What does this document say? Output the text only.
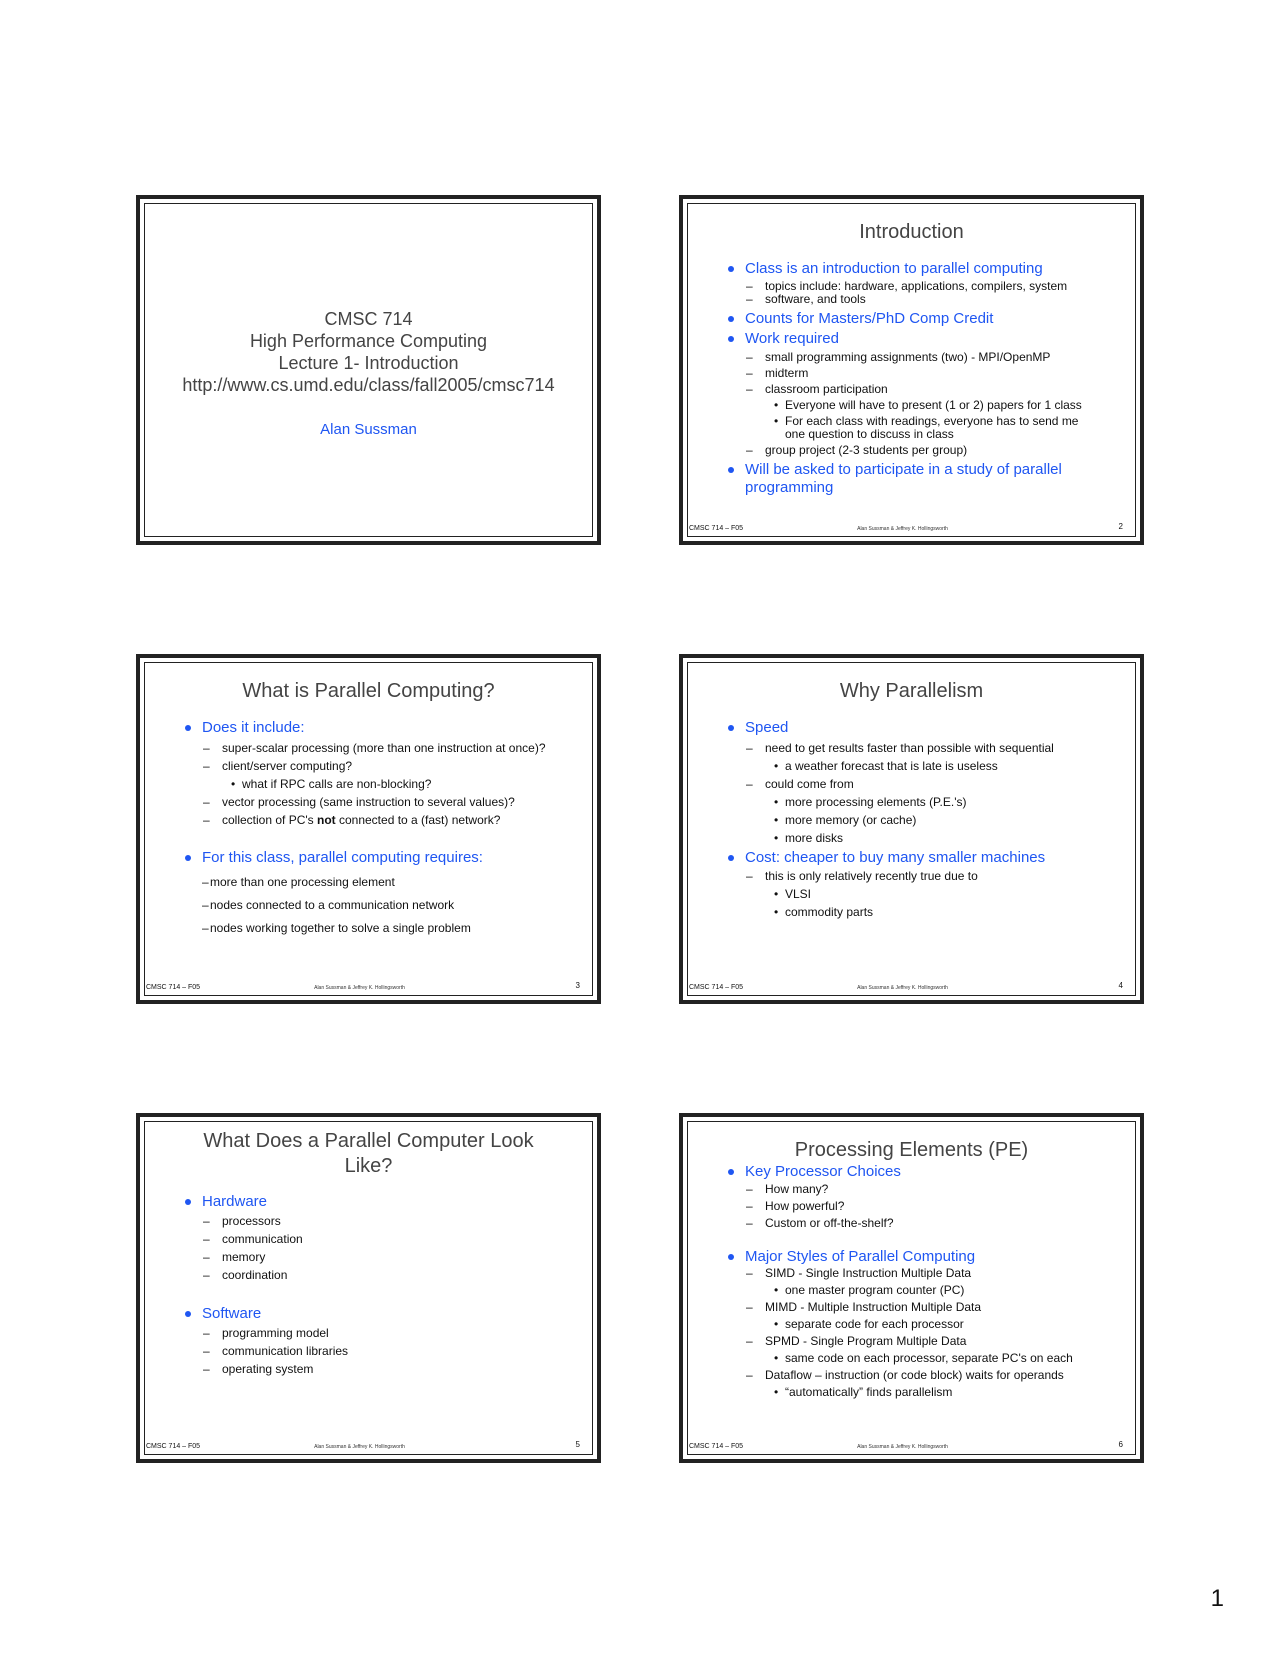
CMSC 714
High Performance Computing
Lecture 1- Introduction
http://www.cs.umd.edu/class/fall2005/cmsc714
Alan Sussman
Introduction
Class is an introduction to parallel computing
– topics include: hardware, applications, compilers, system
– software, and tools
Counts for Masters/PhD Comp Credit
Work required
– small programming assignments (two) - MPI/OpenMP
– midterm
– classroom participation
• Everyone will have to present (1 or 2) papers for 1 class
• For each class with readings, everyone has to send me
one question to discuss in class
– group project (2-3 students per group)
Will be asked to participate in a study of parallel
programming
CMSC 714 – F05	Alan Sussman & Jeffrey K. Hollingsworth	2
What is Parallel Computing?
Does it include:
– super-scalar processing (more than one instruction at once)?
– client/server computing?
• what if RPC calls are non-blocking?
– vector processing (same instruction to several values)?
– collection of PC's not connected to a (fast) network?
For this class, parallel computing requires:
– more than one processing element
– nodes connected to a communication network
– nodes working together to solve a single problem
CMSC 714 – F05	Alan Sussman & Jeffrey K. Hollingsworth	3
Why Parallelism
Speed
– need to get results faster than possible with sequential
• a weather forecast that is late is useless
– could come from
• more processing elements (P.E.'s)
• more memory (or cache)
• more disks
Cost: cheaper to buy many smaller machines
– this is only relatively recently true due to
• VLSI
• commodity parts
CMSC 714 – F05	Alan Sussman & Jeffrey K. Hollingsworth	4
What Does a Parallel Computer Look
Like?
Hardware
– processors
– communication
– memory
– coordination
Software
– programming model
– communication libraries
– operating system
CMSC 714 – F05	Alan Sussman & Jeffrey K. Hollingsworth	5
Processing Elements (PE)
Key Processor Choices
– How many?
– How powerful?
– Custom or off-the-shelf?
Major Styles of Parallel Computing
– SIMD - Single Instruction Multiple Data
• one master program counter (PC)
– MIMD - Multiple Instruction Multiple Data
• separate code for each processor
– SPMD - Single Program Multiple Data
• same code on each processor, separate PC's on each
– Dataflow – instruction (or code block) waits for operands
• “automatically” finds parallelism
CMSC 714 – F05	Alan Sussman & Jeffrey K. Hollingsworth	6
1
